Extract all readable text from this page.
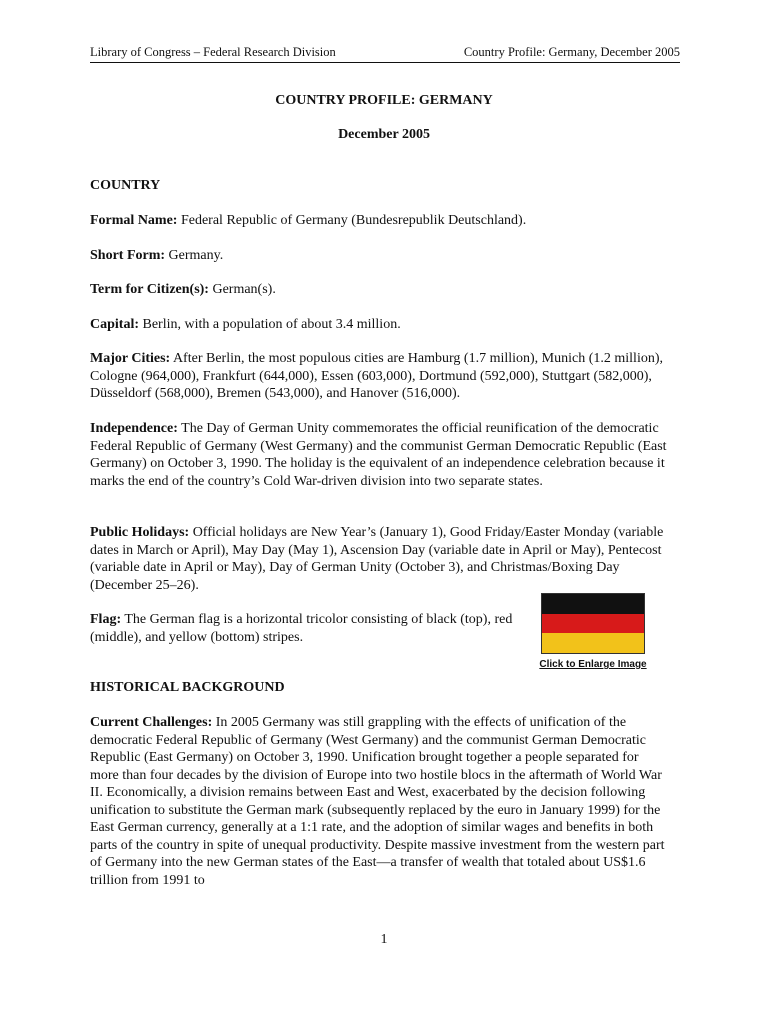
Library of Congress – Federal Research Division	Country Profile: Germany, December 2005
COUNTRY PROFILE: GERMANY
December 2005
COUNTRY
Formal Name: Federal Republic of Germany (Bundesrepublik Deutschland).
Short Form: Germany.
Term for Citizen(s): German(s).
Capital: Berlin, with a population of about 3.4 million.
Major Cities: After Berlin, the most populous cities are Hamburg (1.7 million), Munich (1.2 million), Cologne (964,000), Frankfurt (644,000), Essen (603,000), Dortmund (592,000), Stuttgart (582,000), Düsseldorf (568,000), Bremen (543,000), and Hanover (516,000).
Independence: The Day of German Unity commemorates the official reunification of the democratic Federal Republic of Germany (West Germany) and the communist German Democratic Republic (East Germany) on October 3, 1990. The holiday is the equivalent of an independence celebration because it marks the end of the country’s Cold War-driven division into two separate states.
Public Holidays: Official holidays are New Year’s (January 1), Good Friday/Easter Monday (variable dates in March or April), May Day (May 1), Ascension Day (variable date in April or May), Pentecost (variable date in April or May), Day of German Unity (October 3), and Christmas/Boxing Day (December 25–26).
Flag: The German flag is a horizontal tricolor consisting of black (top), red (middle), and yellow (bottom) stripes.
Click to Enlarge Image
HISTORICAL BACKGROUND
Current Challenges: In 2005 Germany was still grappling with the effects of unification of the democratic Federal Republic of Germany (West Germany) and the communist German Democratic Republic (East Germany) on October 3, 1990. Unification brought together a people separated for more than four decades by the division of Europe into two hostile blocs in the aftermath of World War II. Economically, a division remains between East and West, exacerbated by the decision following unification to substitute the German mark (subsequently replaced by the euro in January 1999) for the East German currency, generally at a 1:1 rate, and the adoption of similar wages and benefits in both parts of the country in spite of unequal productivity. Despite massive investment from the western part of Germany into the new German states of the East—a transfer of wealth that totaled about US$1.6 trillion from 1991 to
1
